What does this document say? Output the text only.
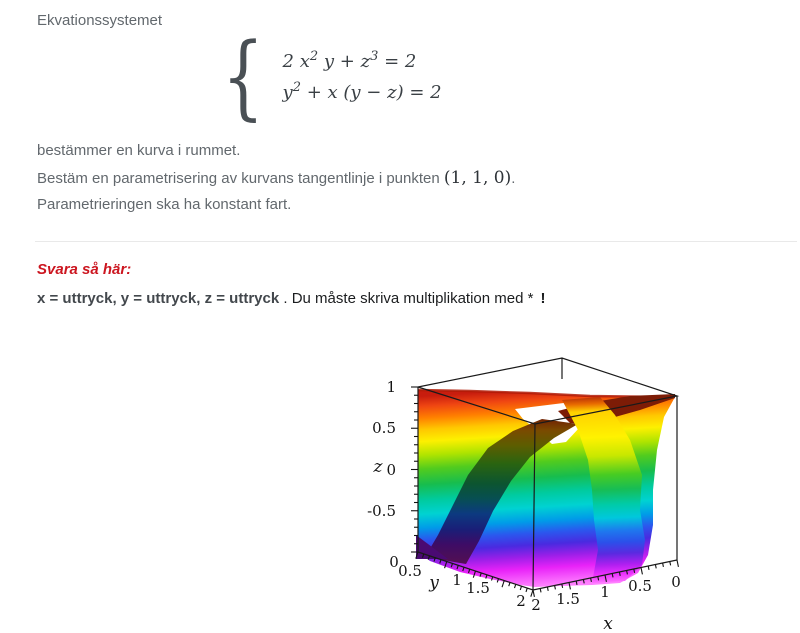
Ekvationssystemet
{ 2 $x^2$ $y + z^3 = 2$
$y^2 + x$ (y − z) = 2
bestämmer en kurva i rummet.
Bestäm en parametrisering av kurvans tangentlinje i punkten (1, 1, 0).
Parametrieringen ska ha konstant fart.
Svara så här:
x = uttryck, y = uttryck, z = uttryck . Du måste skriva multiplikation med * !
1
0.5
0
-0.5
0 0.5 1 1.5
2 2 1.5 1 0.5 0
z
y
x
